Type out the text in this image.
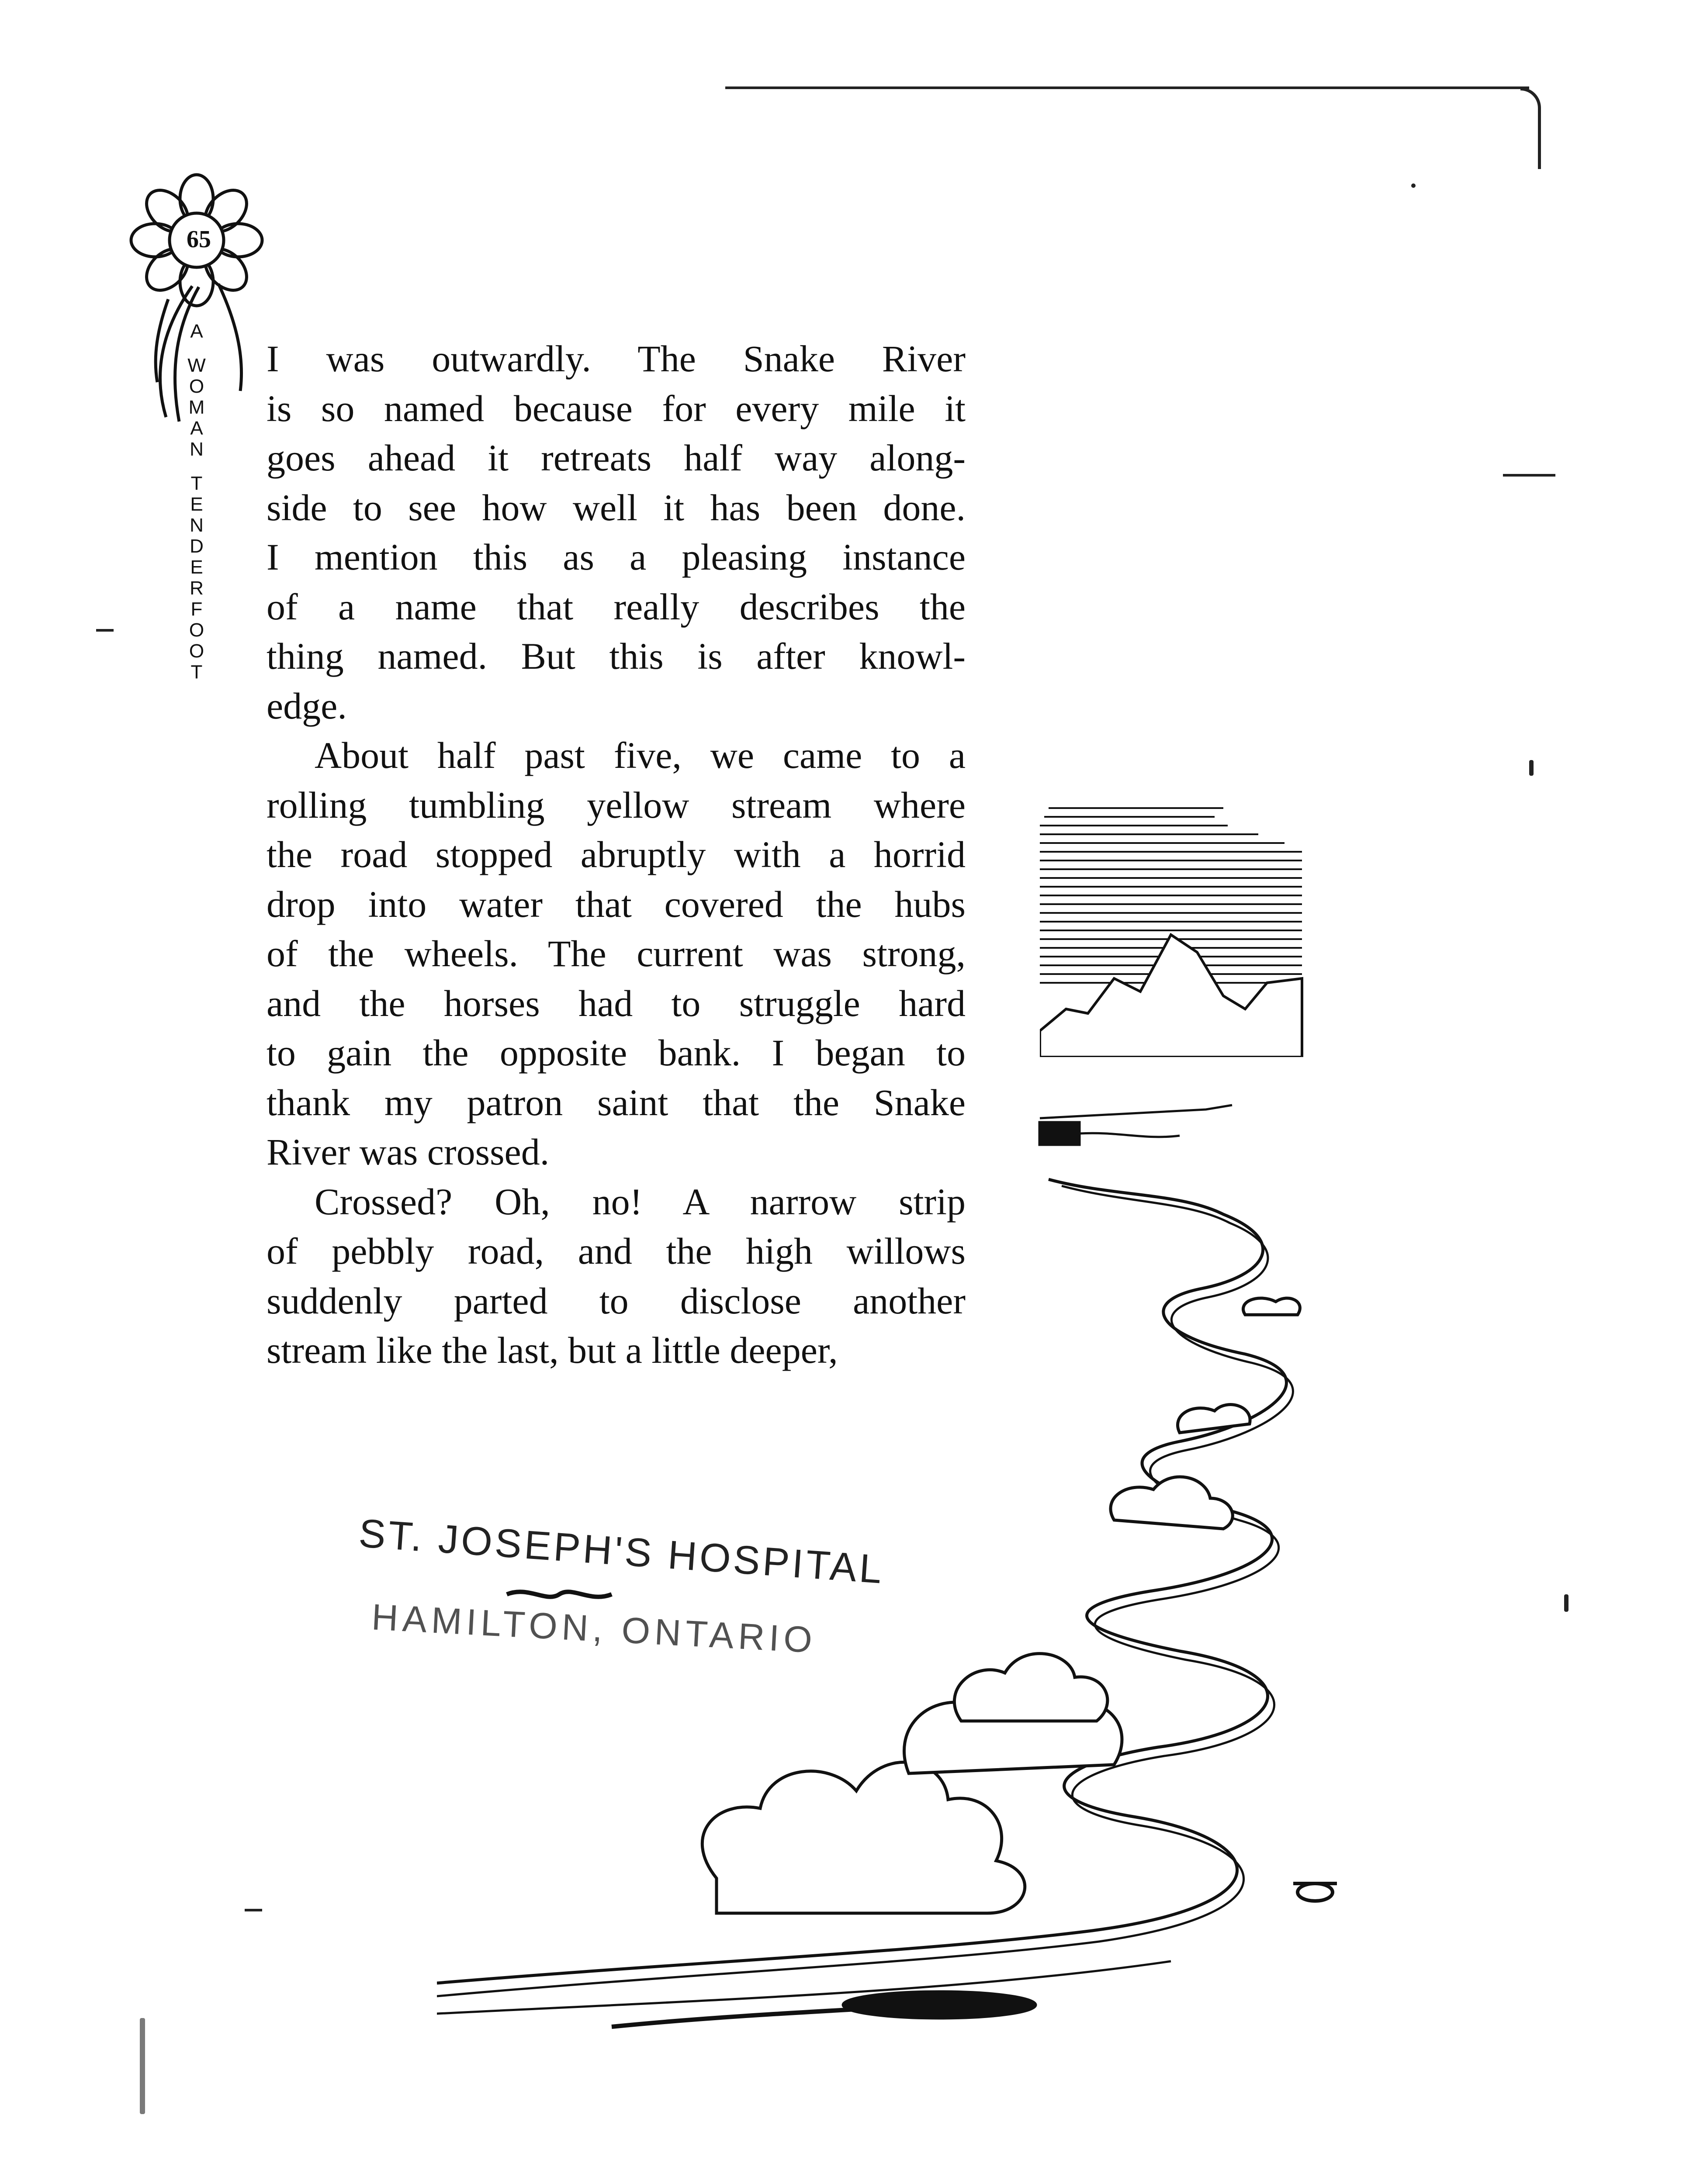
65
A
W
O
M
A
N
T
E
N
D
E
R
F
O
O
T
I was outwardly. The Snake River
is so named because for every mile it
goes ahead it retreats half way along-
side to see how well it has been done.
I mention this as a pleasing instance
of a name that really describes the
thing named. But this is after knowl-
edge.
About half past five, we came to a
rolling tumbling yellow stream where
the road stopped abruptly with a horrid
drop into water that covered the hubs
of the wheels. The current was strong,
and the horses had to struggle hard
to gain the opposite bank. I began to
thank my patron saint that the Snake
River was crossed.
Crossed? Oh, no! A narrow strip
of pebbly road, and the high willows
suddenly parted to disclose another
stream like the last, but a little deeper,
ST. JOSEPH'S HOSPITAL
HAMILTON, ONTARIO
